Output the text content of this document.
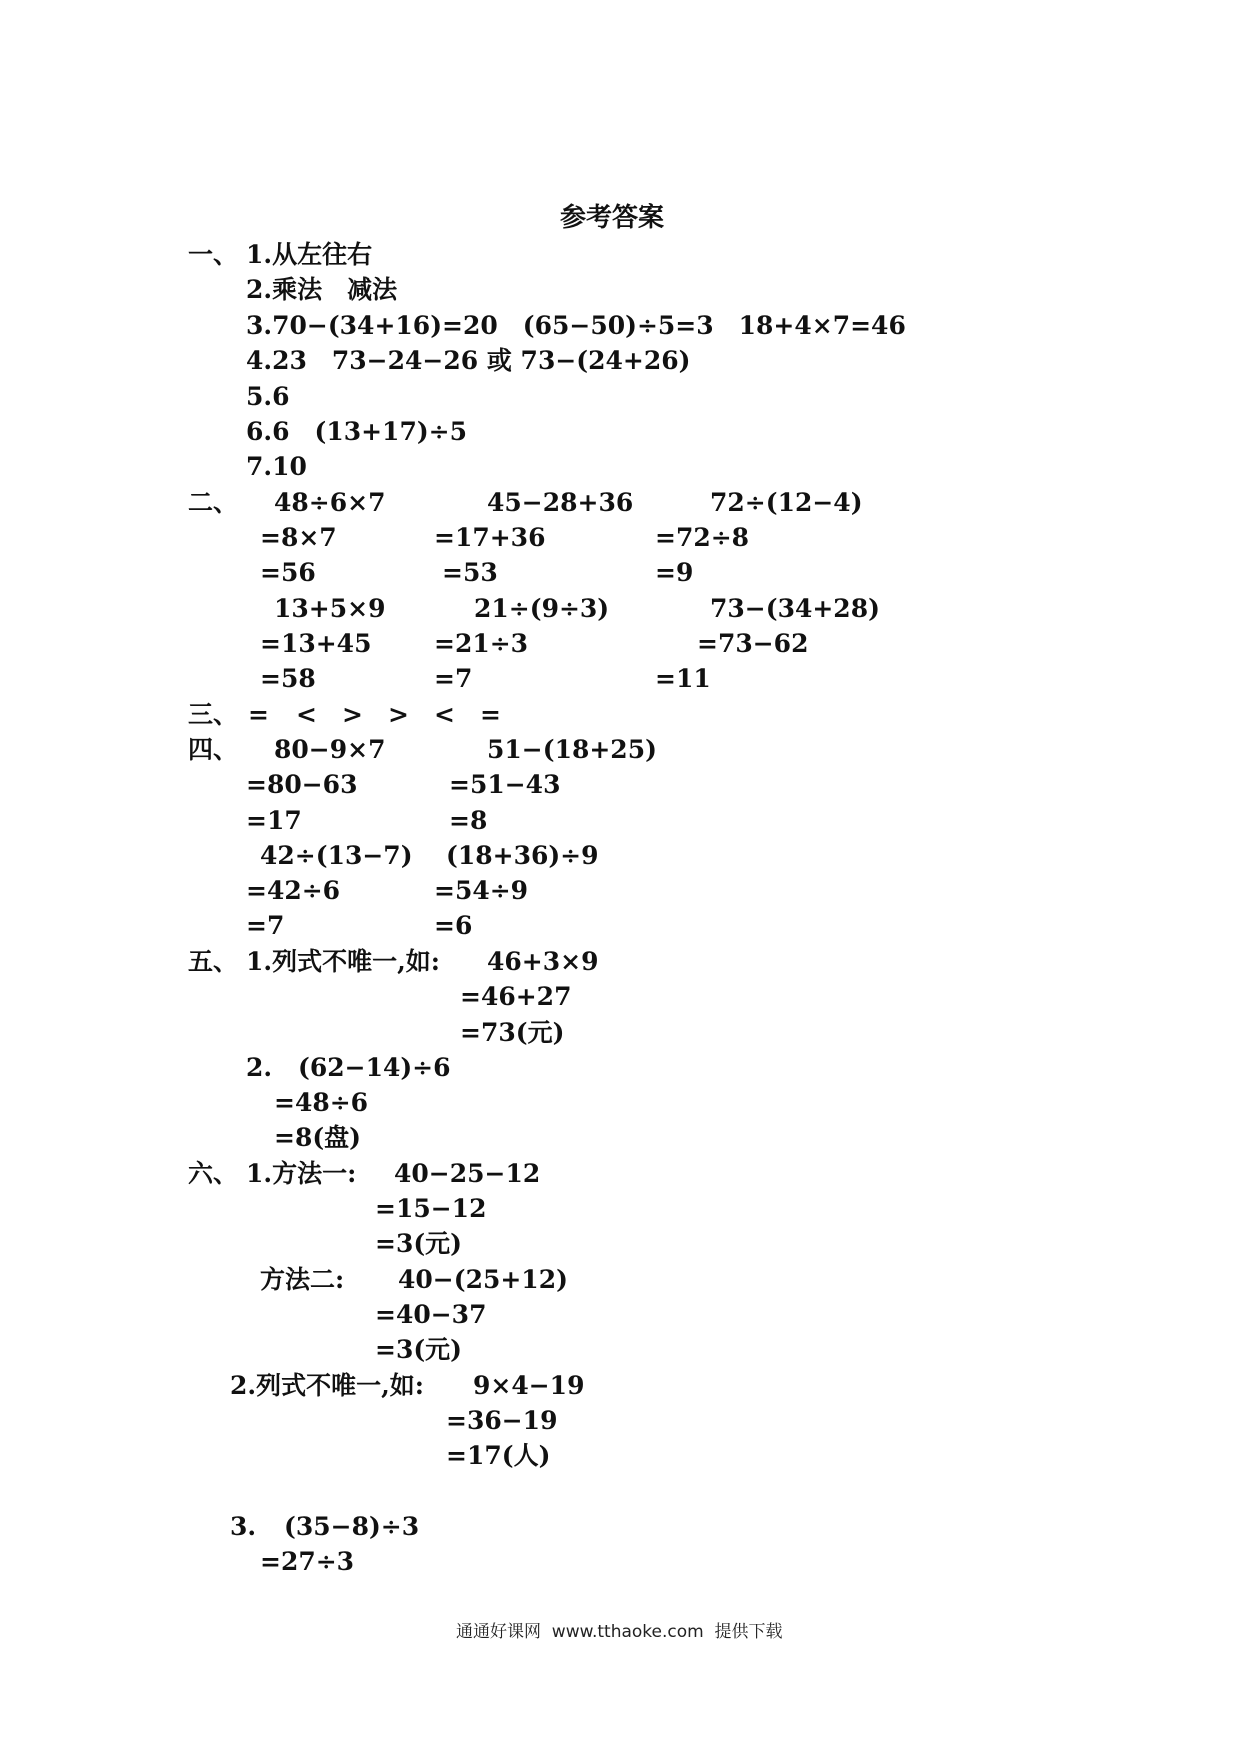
参考答案
一、 1.从左往右
2.乘法　减法
3.70−(34+16)=20　(65−50)÷5=3　18+4×7=46
4.23　73−24−26 或 73−(24+26)
5.6
6.6　(13+17)÷5
7.10
二、 48÷6×7
=8×7
=56
45−28+36
=17+36
=53
72÷(12−4)
=72÷8
=9
13+5×9
=13+45
=58
21÷(9÷3)
=21÷3
=7
73−(34+28)
=73−62
=11
三、 = < > > < =
四、 80−9×7
=80−63
=17
51−(18+25)
=51−43
=8
42÷(13−7)
=42÷6
=7
(18+36)÷9
=54÷9
=6
五、 1.列式不唯一,如: 46+3×9
=46+27
=73(元)
2. (62−14)÷6
=48÷6
=8(盘)
六、 1.方法一: 40−25−12
=15−12
=3(元)
方法二: 40−(25+12)
=40−37
=3(元)
2.列式不唯一,如: 9×4−19
=36−19
=17(人)
3. (35−8)÷3
=27÷3
通通好课网  www.tthaoke.com  提供下载
